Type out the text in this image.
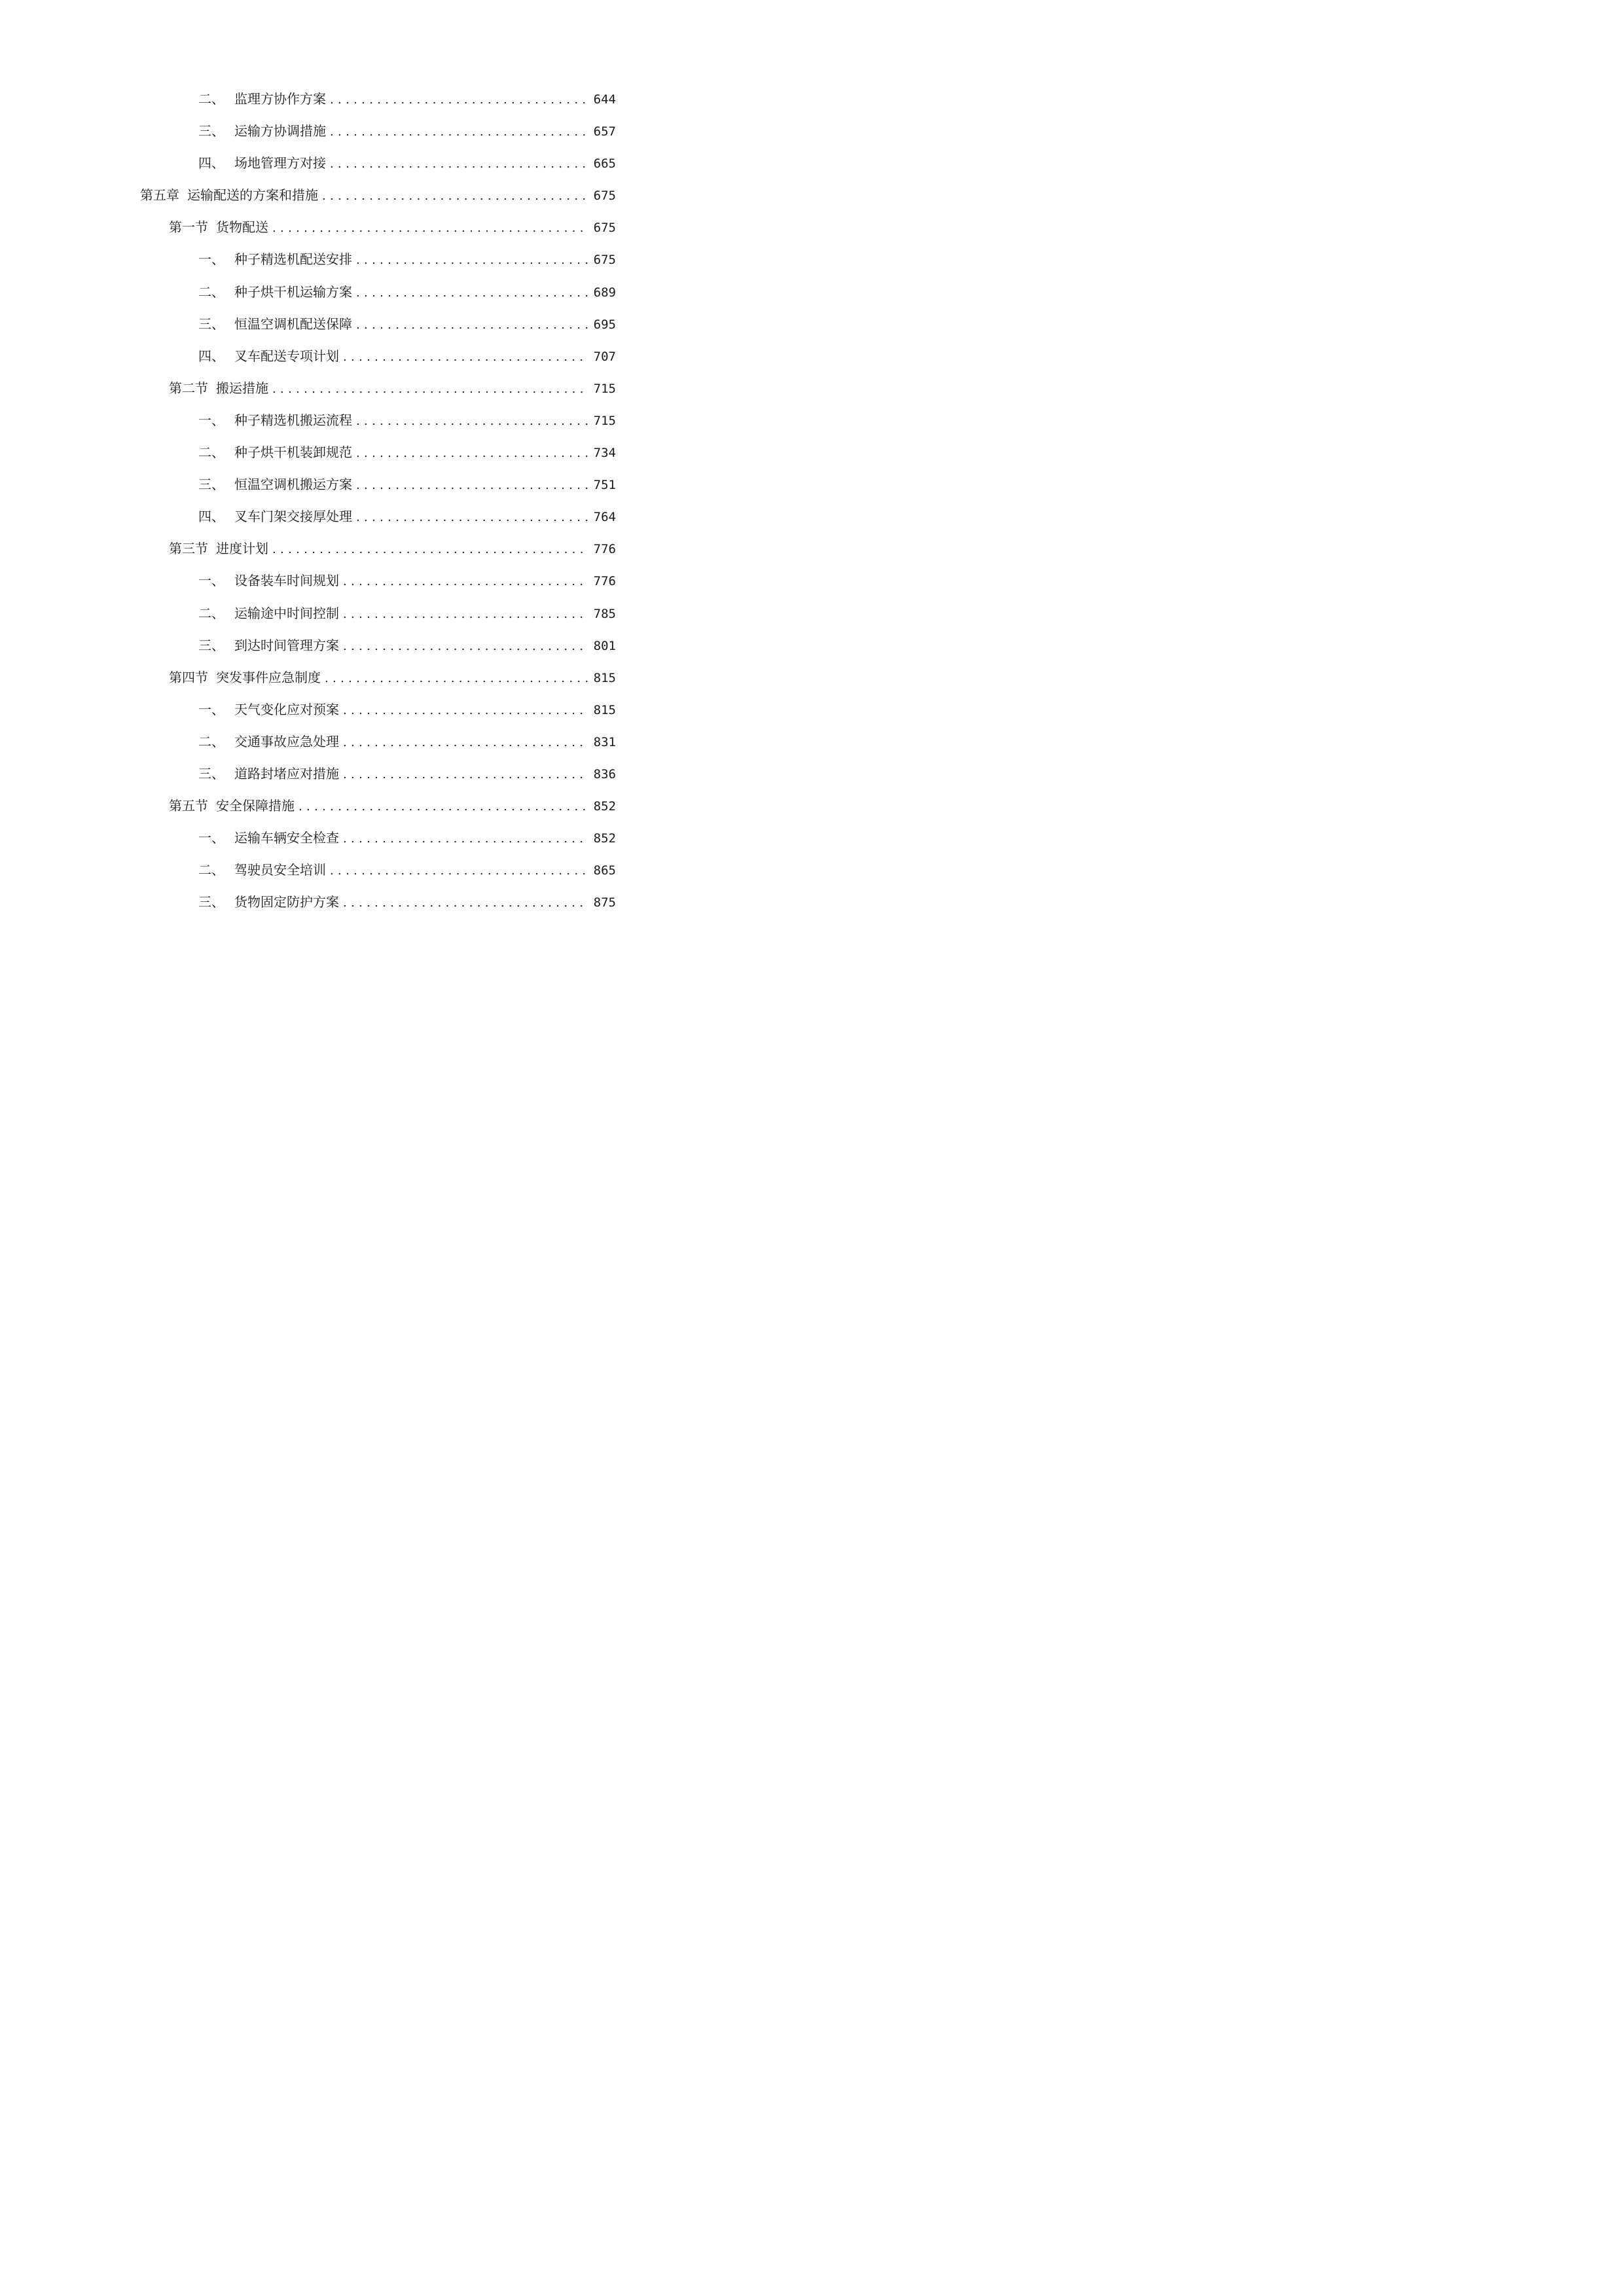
二、 监理方协作方案 . . .	644
三、 运输方协调措施 . . .	657
四、 场地管理方对接 . . .	665
第五章 运输配送的方案和措施 . . .	675
第一节 货物配送 . . .	675
一、 种子精选机配送安排 . . .	675
二、 种子烘干机运输方案 . . .	689
三、 恒温空调机配送保障 . . .	695
四、 叉车配送专项计划 . . .	707
第二节 搬运措施 . . .	715
一、 种子精选机搬运流程 . . .	715
二、 种子烘干机装卸规范 . . .	734
三、 恒温空调机搬运方案 . . .	751
四、 叉车门架交接厚处理 . . .	764
第三节 进度计划 . . .	776
一、 设备装车时间规划 . . .	776
二、 运输途中时间控制 . . .	785
三、 到达时间管理方案 . . .	801
第四节 突发事件应急制度 . . .	815
一、 天气变化应对预案 . . .	815
二、 交通事故应急处理 . . .	831
三、 道路封堵应对措施 . . .	836
第五节 安全保障措施 . . .	852
一、 运输车辆安全检查 . . .	852
二、 驾驶员安全培训 . . .	865
三、 货物固定防护方案 . . .	875
